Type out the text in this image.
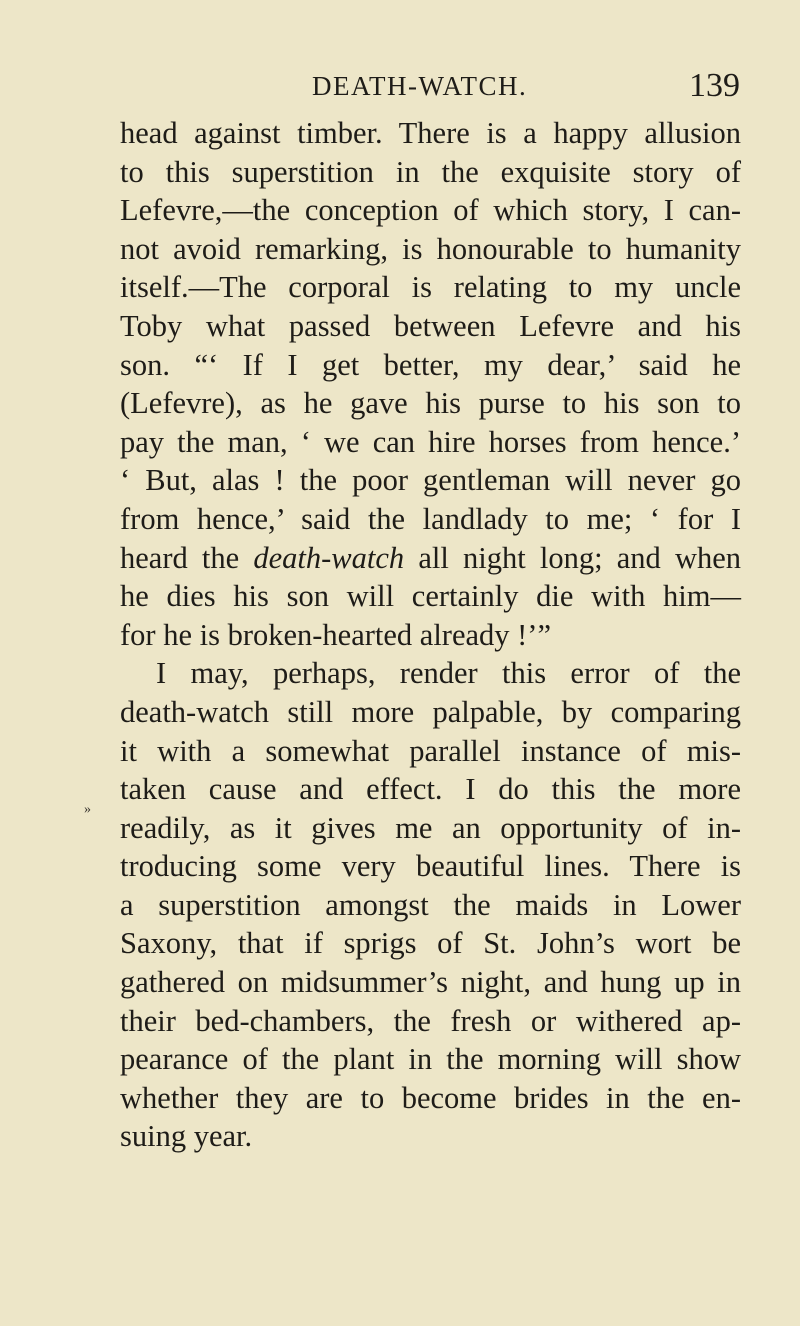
DEATH-WATCH.	139
»
head against timber. There is a happy allusion
to this superstition in the exquisite story of
Lefevre,—the conception of which story, I can-
not avoid remarking, is honourable to humanity
itself.—The corporal is relating to my uncle
Toby what passed between Lefevre and his
son. “‘ If I get better, my dear,’ said he
(Lefevre), as he gave his purse to his son to
pay the man, ‘ we can hire horses from hence.’
‘ But, alas ! the poor gentleman will never go
from hence,’ said the landlady to me; ‘ for I
heard the death-watch all night long; and when
he dies his son will certainly die with him—
for he is broken-hearted already !’”
I may, perhaps, render this error of the
death-watch still more palpable, by comparing
it with a somewhat parallel instance of mis-
taken cause and effect. I do this the more
readily, as it gives me an opportunity of in-
troducing some very beautiful lines. There is
a superstition amongst the maids in Lower
Saxony, that if sprigs of St. John’s wort be
gathered on midsummer’s night, and hung up in
their bed-chambers, the fresh or withered ap-
pearance of the plant in the morning will show
whether they are to become brides in the en-
suing year.
